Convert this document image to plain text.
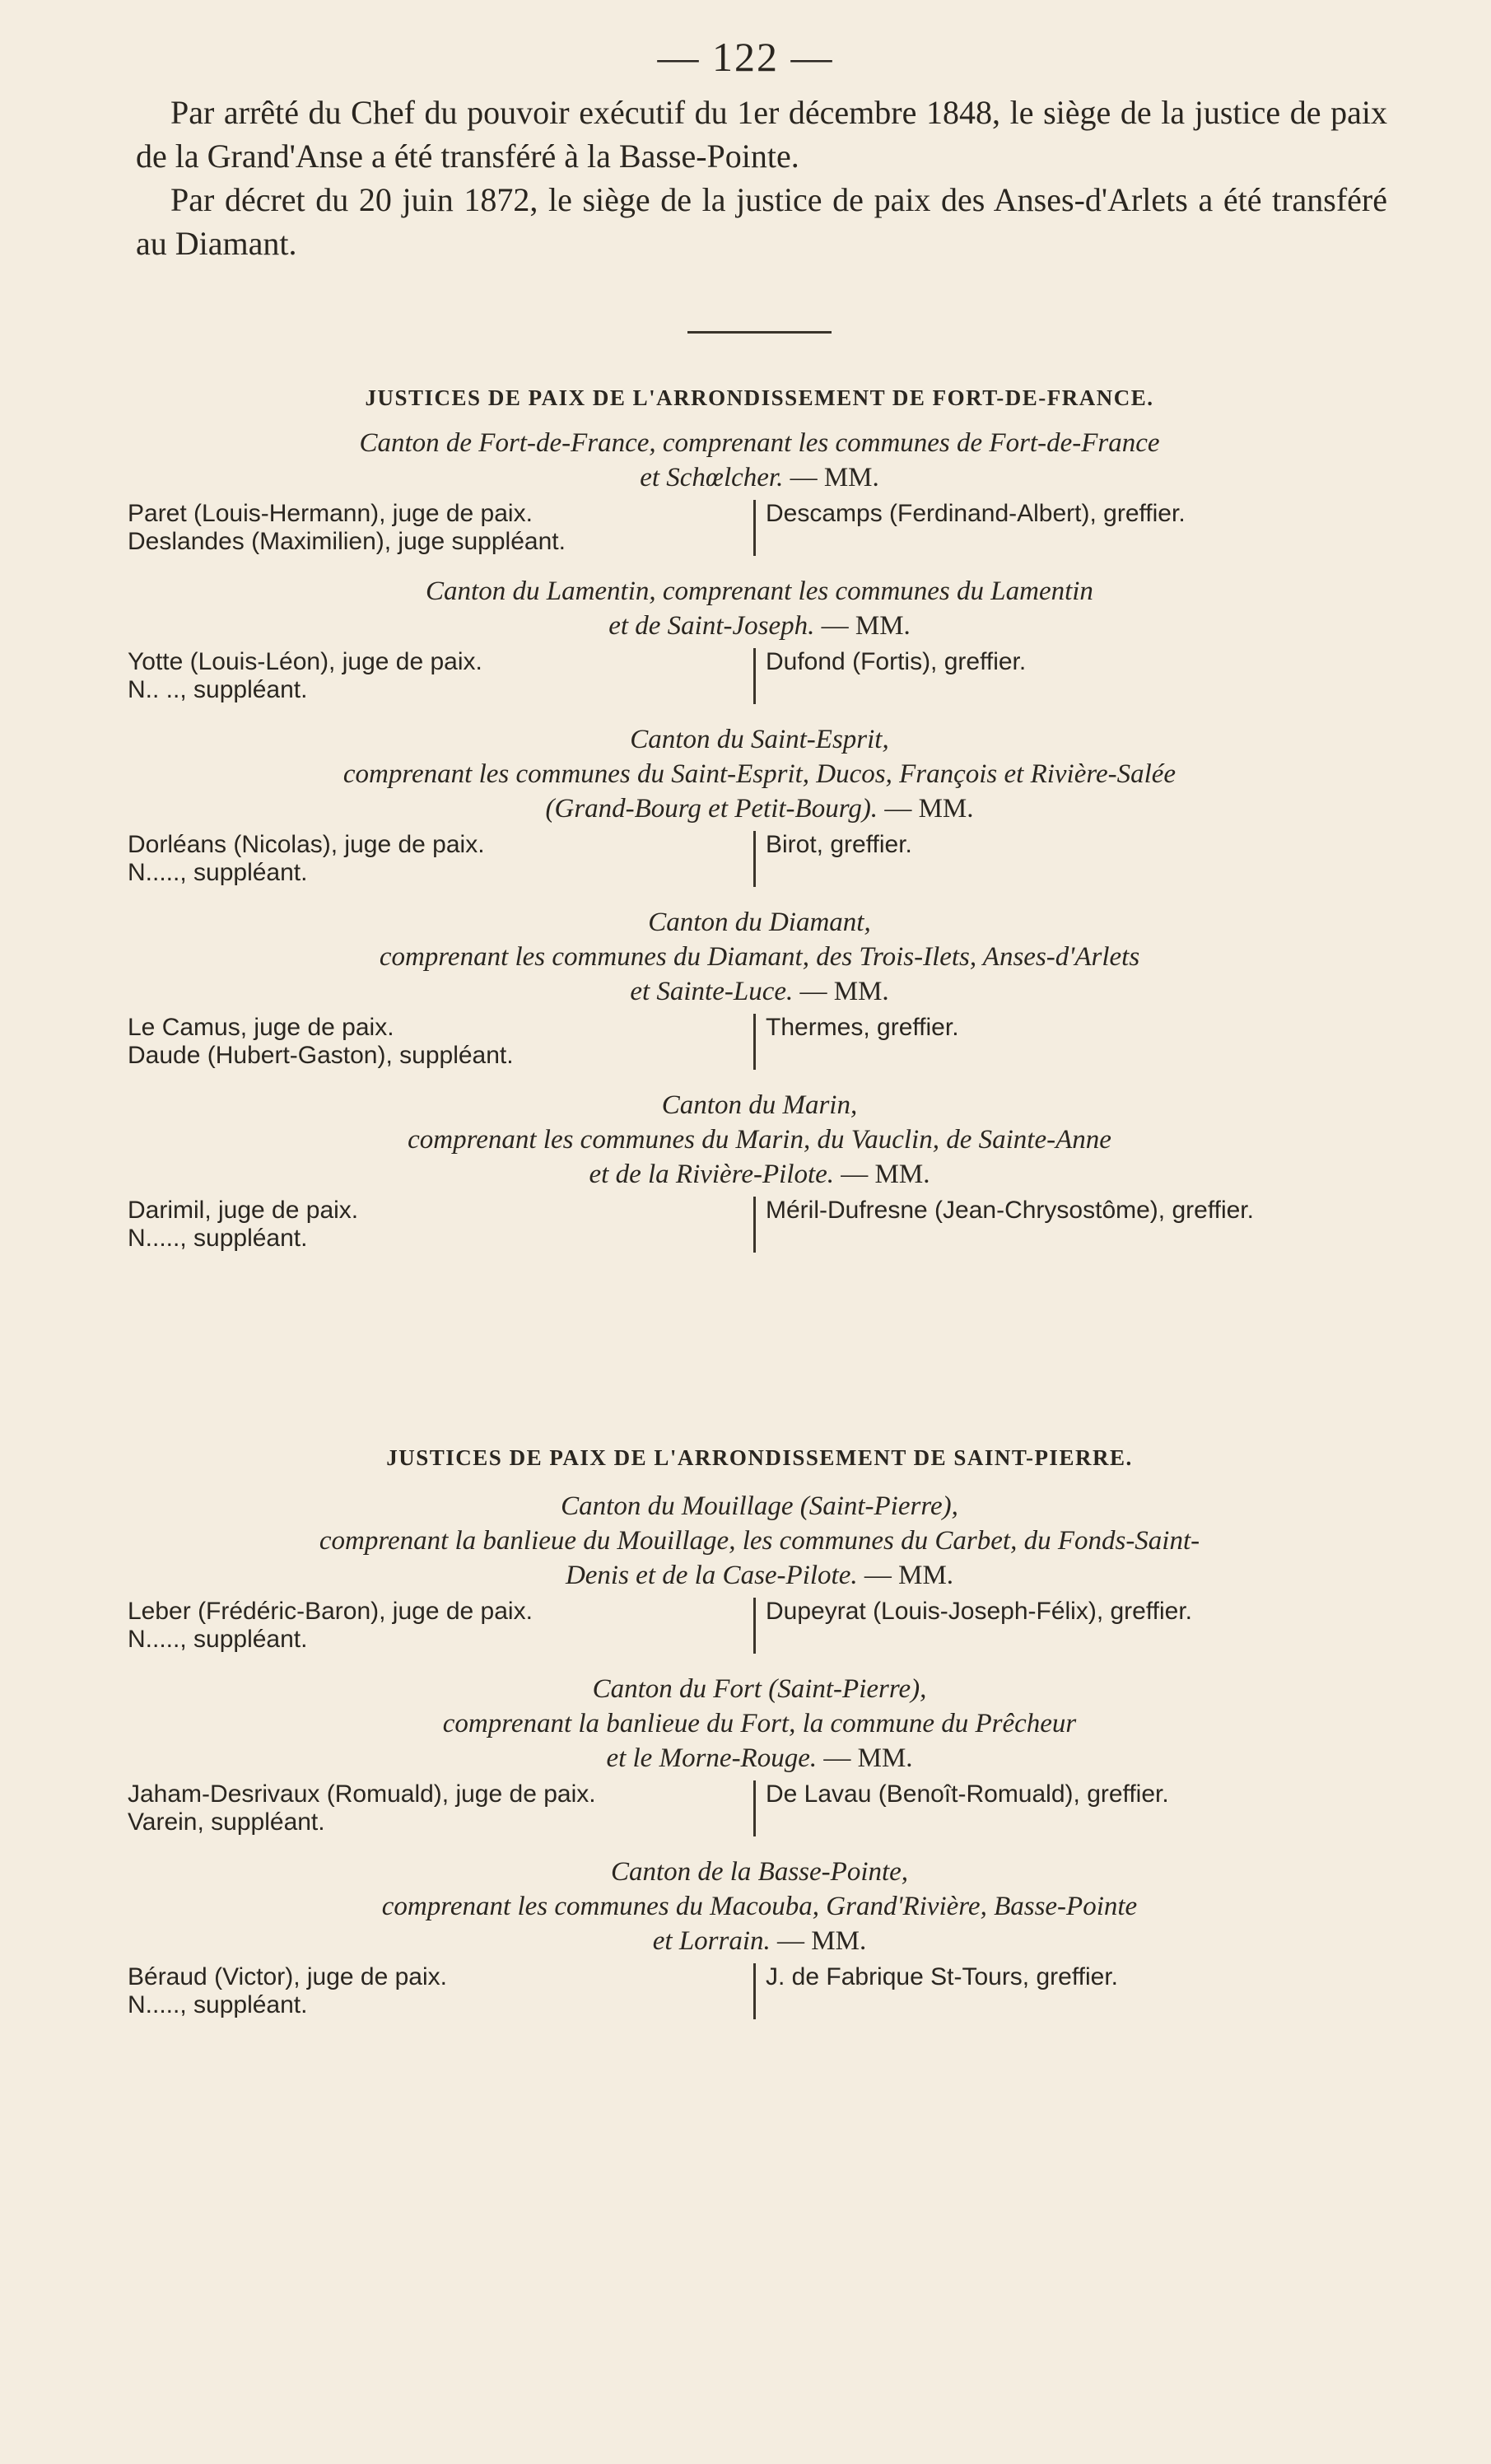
— 122 —

Par arrêté du Chef du pouvoir exécutif du 1er décembre 1848, le siège de la justice de paix de la Grand'Anse a été transféré à la Basse-Pointe.

Par décret du 20 juin 1872, le siège de la justice de paix des Anses-d'Arlets a été transféré au Diamant.

JUSTICES DE PAIX DE L'ARRONDISSEMENT DE FORT-DE-FRANCE.
Canton de Fort-de-France, comprenant les communes de Fort-de-France
et Schœlcher. — MM.
Paret (Louis-Hermann), juge de paix.
Deslandes (Maximilien), juge suppléant.
Descamps (Ferdinand-Albert), greffier.
Canton du Lamentin, comprenant les communes du Lamentin
et de Saint-Joseph. — MM.
Yotte (Louis-Léon), juge de paix.
N.. .., suppléant.
Dufond (Fortis), greffier.
Canton du Saint-Esprit,
comprenant les communes du Saint-Esprit, Ducos, François et Rivière-Salée
(Grand-Bourg et Petit-Bourg). — MM.
Dorléans (Nicolas), juge de paix.
N....., suppléant.
Birot, greffier.
Canton du Diamant,
comprenant les communes du Diamant, des Trois-Ilets, Anses-d'Arlets
et Sainte-Luce. — MM.
Le Camus, juge de paix.
Daude (Hubert-Gaston), suppléant.
Thermes, greffier.
Canton du Marin,
comprenant les communes du Marin, du Vauclin, de Sainte-Anne
et de la Rivière-Pilote. — MM.
Darimil, juge de paix.
N....., suppléant.
Méril-Dufresne (Jean-Chrysostôme), greffier.
JUSTICES DE PAIX DE L'ARRONDISSEMENT DE SAINT-PIERRE.
Canton du Mouillage (Saint-Pierre),
comprenant la banlieue du Mouillage, les communes du Carbet, du Fonds-Saint-
Denis et de la Case-Pilote. — MM.
Leber (Frédéric-Baron), juge de paix.
N....., suppléant.
Dupeyrat (Louis-Joseph-Félix), greffier.
Canton du Fort (Saint-Pierre),
comprenant la banlieue du Fort, la commune du Prêcheur
et le Morne-Rouge. — MM.
Jaham-Desrivaux (Romuald), juge de paix.
Varein, suppléant.
De Lavau (Benoît-Romuald), greffier.
Canton de la Basse-Pointe,
comprenant les communes du Macouba, Grand'Rivière, Basse-Pointe
et Lorrain. — MM.
Béraud (Victor), juge de paix.
N....., suppléant.
J. de Fabrique St-Tours, greffier.
